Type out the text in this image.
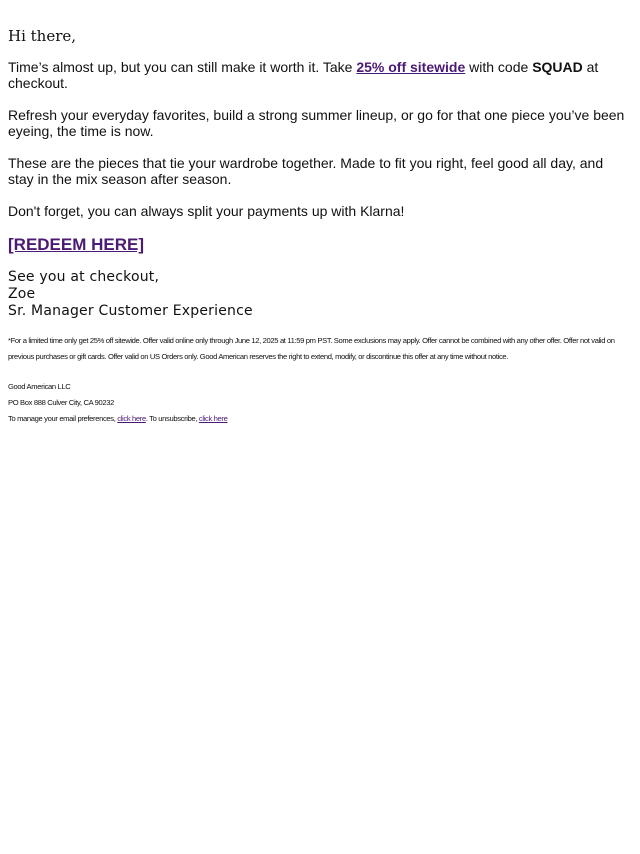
Hi there,
Time’s almost up, but you can still make it worth it. Take 25% off sitewide with code SQUAD at checkout.
Refresh your everyday favorites, build a strong summer lineup, or go for that one piece you’ve been eyeing, the time is now.
These are the pieces that tie your wardrobe together. Made to fit you right, feel good all day, and stay in the mix season after season.
Don't forget, you can always split your payments up with Klarna!
[REDEEM HERE]
See you at checkout,
Zoe
Sr. Manager Customer Experience
*For a limited time only get 25% off sitewide. Offer valid online only through June 12, 2025 at 11:59 pm PST. Some exclusions may apply. Offer cannot be combined with any other offer. Offer not valid on previous purchases or gift cards. Offer valid on US Orders only. Good American reserves the right to extend, modify, or discontinue this offer at any time without notice.
Good American LLC
PO Box 888 Culver City, CA 90232
To manage your email preferences, click here. To unsubscribe, click here
